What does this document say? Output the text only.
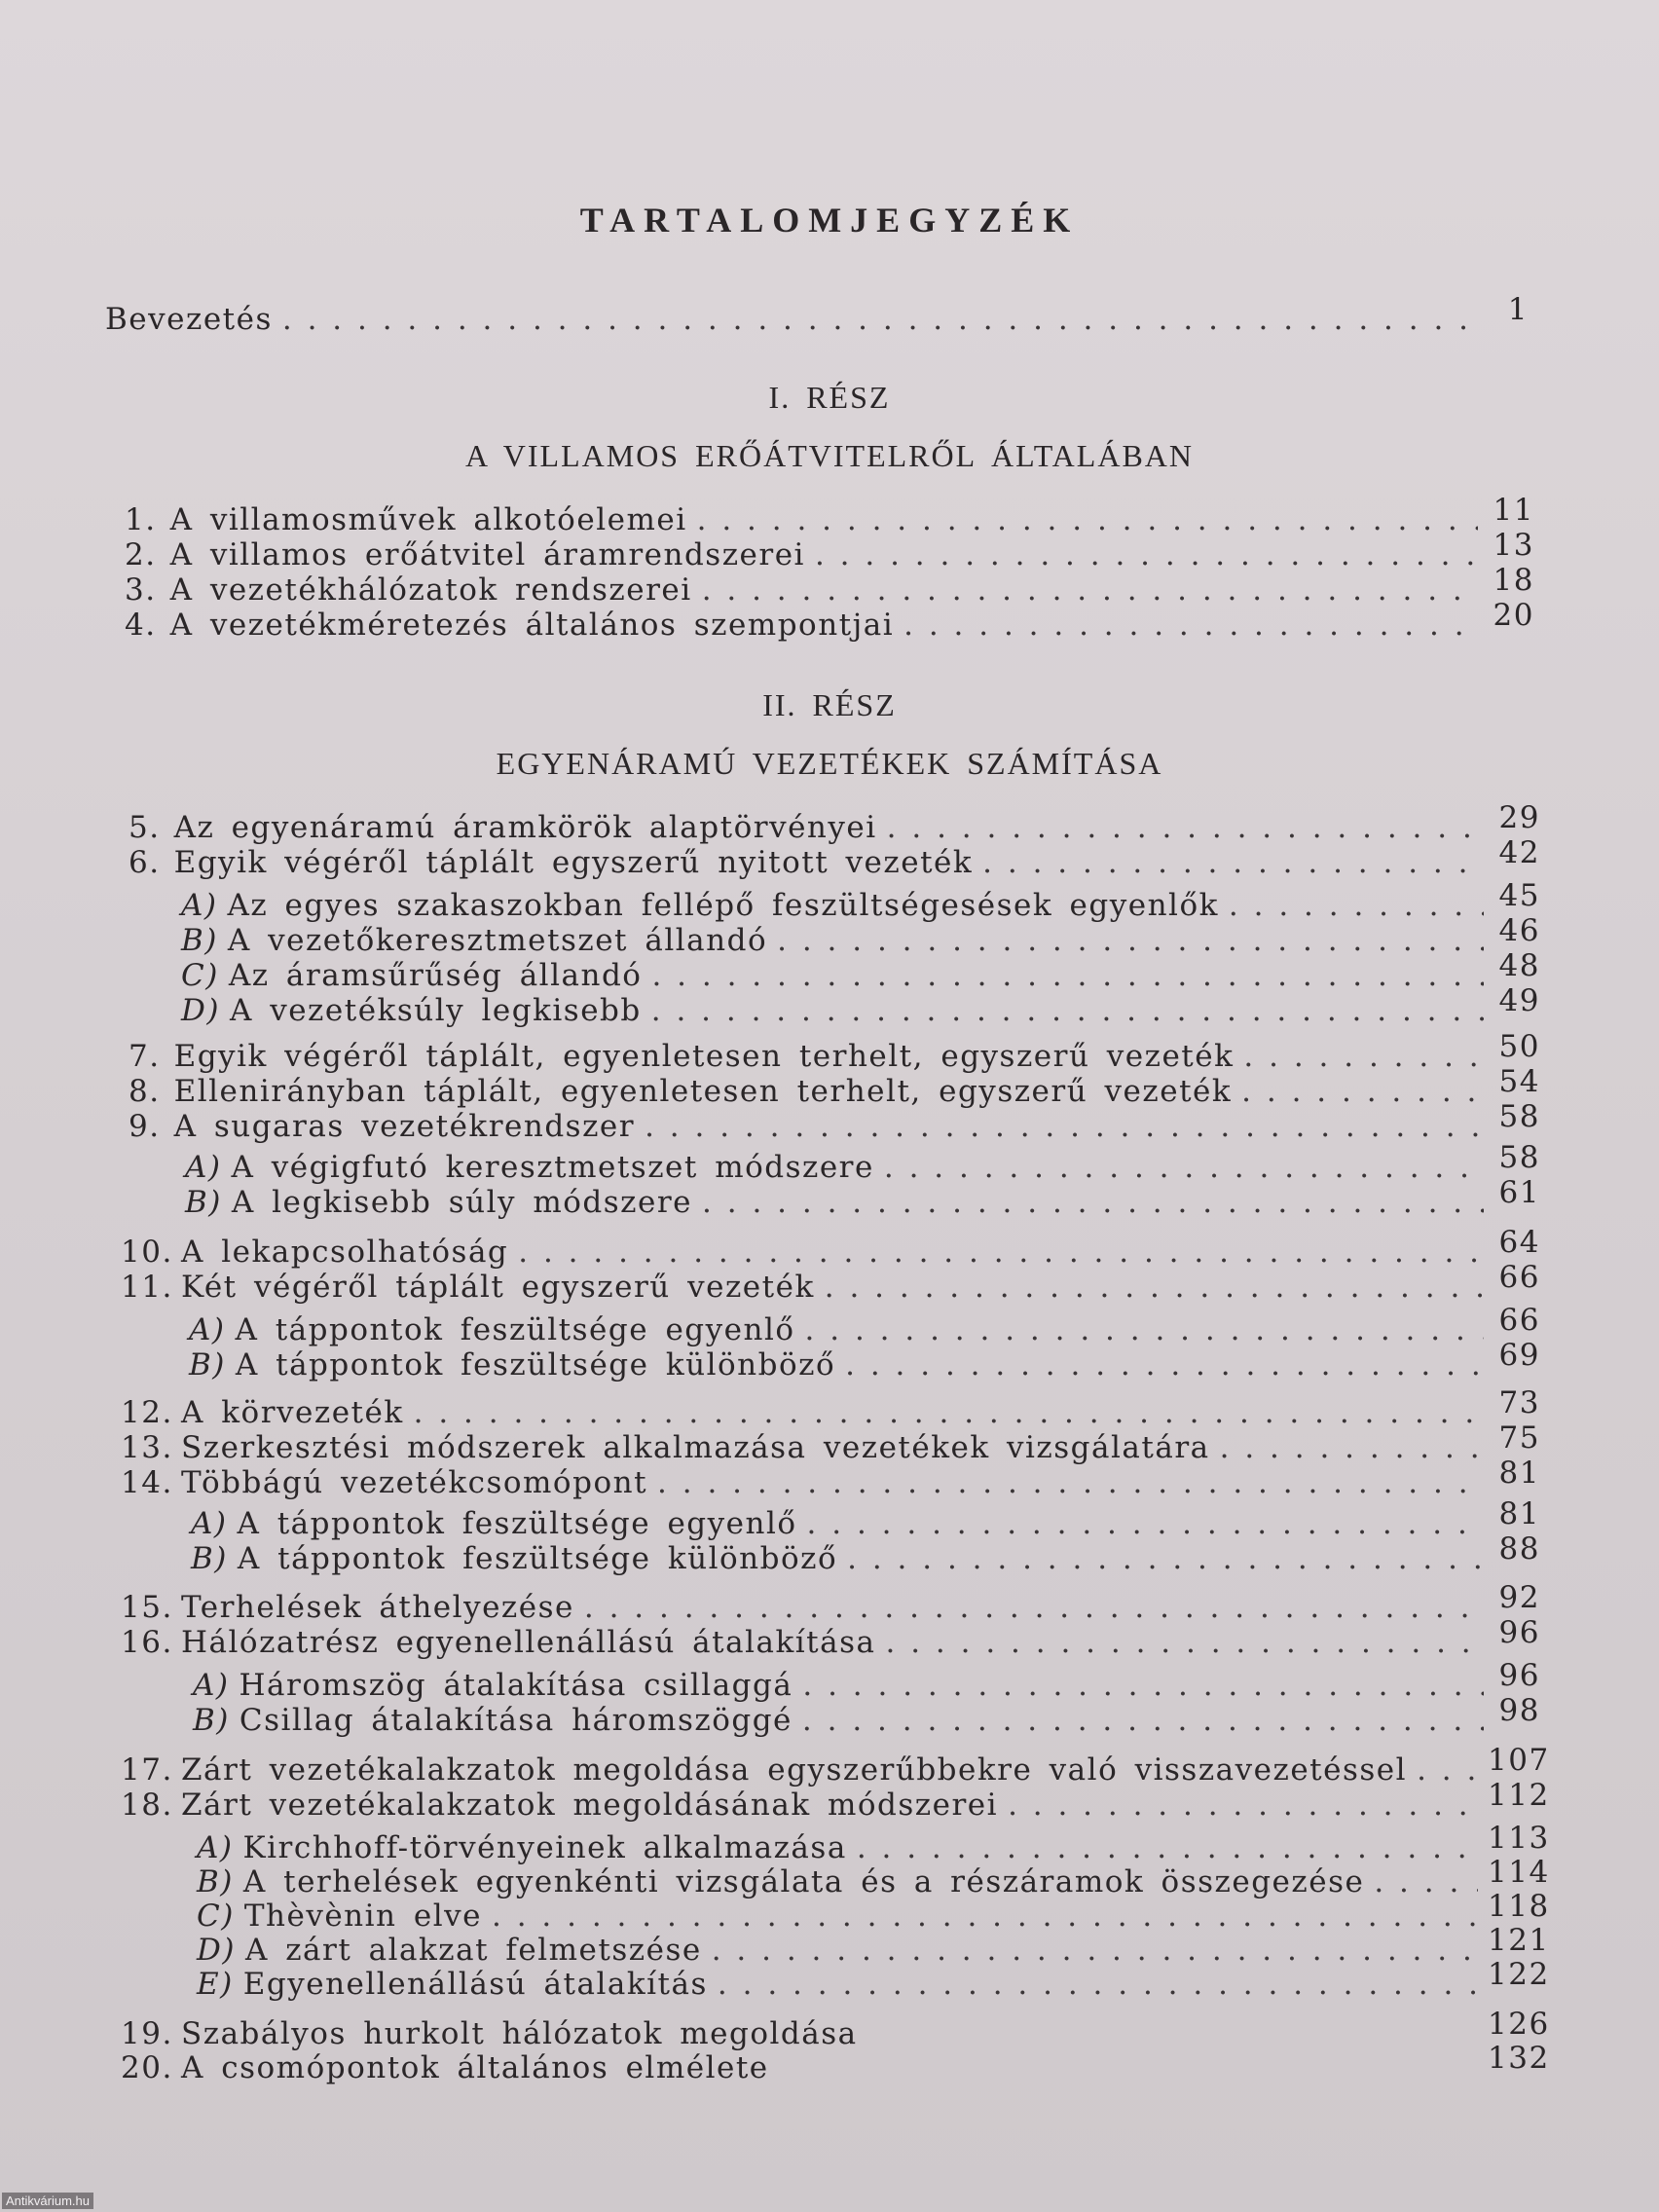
TARTALOMJEGYZÉK
Bevezetés . . .	1
I. RÉSZ
A VILLAMOS ERŐÁTVITELRŐL ÁLTALÁBAN
1. A villamosművek alkotóelemei . . .	11
2. A villamos erőátvitel áramrendszerei . . .	13
3. A vezetékhálózatok rendszerei . . .	18
4. A vezetékméretezés általános szempontjai . . .	20
II. RÉSZ
EGYENÁRAMÚ VEZETÉKEK SZÁMÍTÁSA
5. Az egyenáramú áramkörök alaptörvényei . . .	29
6. Egyik végéről táplált egyszerű nyitott vezeték . . .	42
A) Az egyes szakaszokban fellépő feszültségesések egyenlők . . .	45
B) A vezetőkeresztmetszet állandó . . .	46
C) Az áramsűrűség állandó . . .	48
D) A vezetéksúly legkisebb . . .	49
7. Egyik végéről táplált, egyenletesen terhelt, egyszerű vezeték . . .	50
8. Ellenirányban táplált, egyenletesen terhelt, egyszerű vezeték . . .	54
9. A sugaras vezetékrendszer . . .	58
A) A végigfutó keresztmetszet módszere . . .	58
B) A legkisebb súly módszere . . .	61
10. A lekapcsolhatóság . . .	64
11. Két végéről táplált egyszerű vezeték . . .	66
A) A táppontok feszültsége egyenlő . . .	66
B) A táppontok feszültsége különböző . . .	69
12. A körvezeték . . .	73
13. Szerkesztési módszerek alkalmazása vezetékek vizsgálatára . . .	75
14. Többágú vezetékcsomópont . . .	81
A) A táppontok feszültsége egyenlő . . .	81
B) A táppontok feszültsége különböző . . .	88
15. Terhelések áthelyezése . . .	92
16. Hálózatrész egyenellenállású átalakítása . . .	96
A) Háromszög átalakítása csillaggá . . .	96
B) Csillag átalakítása háromszöggé . . .	98
17. Zárt vezetékalakzatok megoldása egyszerűbbekre való visszavezetéssel . . .	107
18. Zárt vezetékalakzatok megoldásának módszerei . . .	112
A) Kirchhoff-törvényeinek alkalmazása . . .	113
B) A terhelések egyenkénti vizsgálata és a részáramok összegezése . . .	114
C) Thèvènin elve . . .	118
D) A zárt alakzat felmetszése . . .	121
E) Egyenellenállású átalakítás . . .	122
19. Szabályos hurkolt hálózatok megoldása	126
20. A csomópontok általános elmélete	132
Antikvárium.hu
